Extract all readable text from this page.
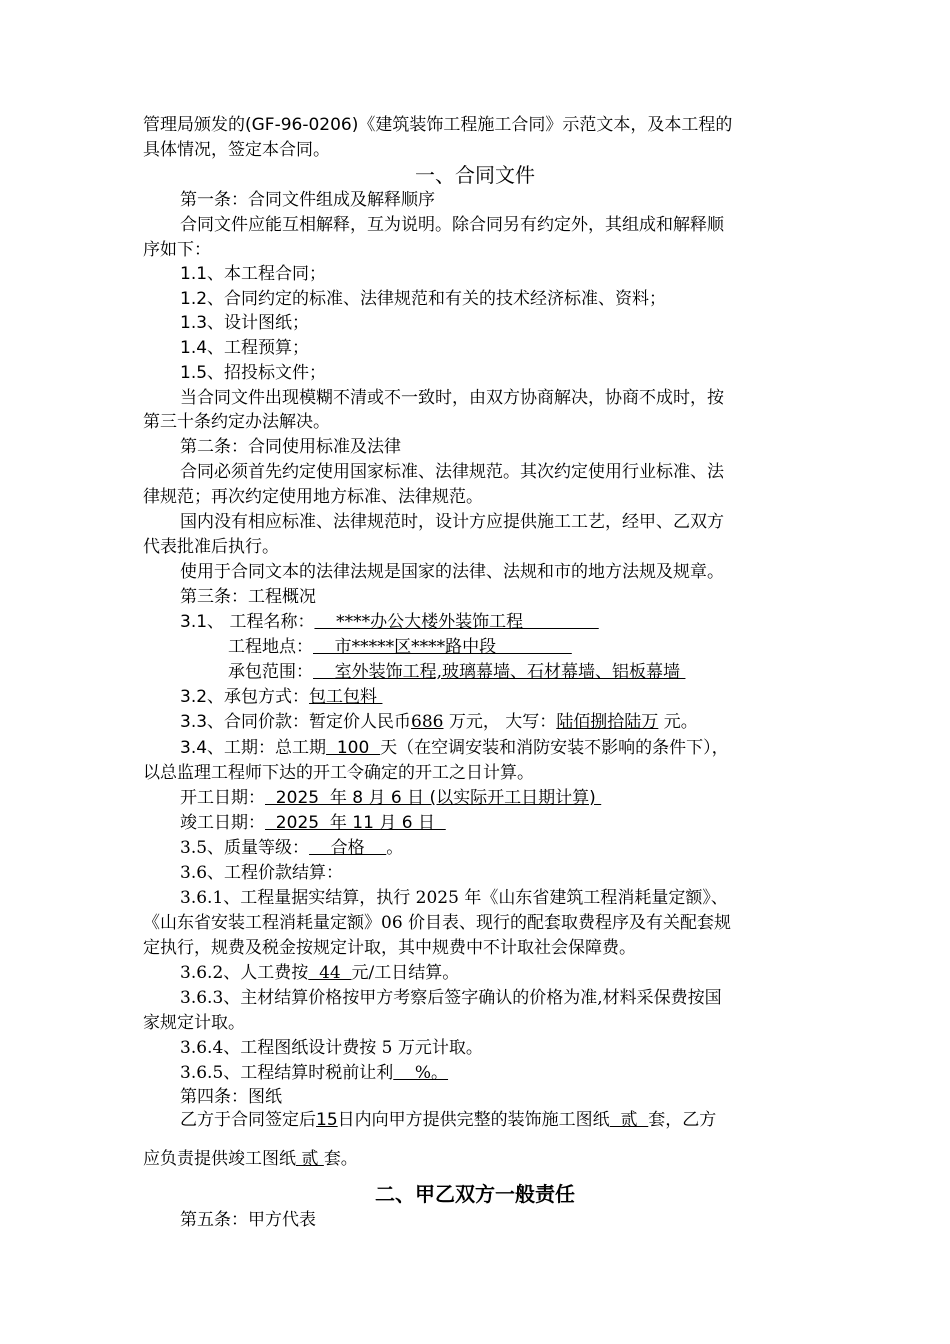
管理局颁发的(GF-96-0206)《建筑装饰工程施工合同》示范文本，及本工程的
具体情况，签定本合同。
一、合同文件
第一条：合同文件组成及解释顺序
合同文件应能互相解释，互为说明。除合同另有约定外，其组成和解释顺
序如下：
1.1、本工程合同；
1.2、合同约定的标准、法律规范和有关的技术经济标准、资料；
1.3、设计图纸；
1.4、工程预算；
1.5、招投标文件；
当合同文件出现模糊不清或不一致时，由双方协商解决，协商不成时，按
第三十条约定办法解决。
第二条：合同使用标准及法律
合同必须首先约定使用国家标准、法律规范。其次约定使用行业标准、法
律规范；再次约定使用地方标准、法律规范。
国内没有相应标准、法律规范时，设计方应提供施工工艺，经甲、乙双方
代表批准后执行。
使用于合同文本的法律法规是国家的法律、法规和市的地方法规及规章。
第三条：工程概况
3.1、 工程名称：    ****办公大楼外装饰工程
工程地点：    市*****区****路中段
承包范围：    室外装饰工程,玻璃幕墙、石材幕墙、铝板幕墙
3.2、承包方式：包工包料
3.3、合同价款：暂定价人民币686 万元， 大写：陆佰捌拾陆万 元。
3.4、工期：总工期  100  天（在空调安装和消防安装不影响的条件下），
以总监理工程师下达的开工令确定的开工之日计算。
开工日期：  2025  年 8 月 6 日 (以实际开工日期计算)
竣工日期：  2025  年 11 月 6 日
3.5、质量等级：    合格    。
3.6、工程价款结算：
3.6.1、工程量据实结算，执行 2025 年《山东省建筑工程消耗量定额》、
《山东省安装工程消耗量定额》06 价目表、现行的配套取费程序及有关配套规
定执行，规费及税金按规定计取，其中规费中不计取社会保障费。
3.6.2、人工费按  44  元/工日结算。
3.6.3、主材结算价格按甲方考察后签字确认的价格为准,材料采保费按国
家规定计取。
3.6.4、工程图纸设计费按 5 万元计取。
3.6.5、工程结算时税前让利    %。
第四条：图纸
乙方于合同签定后15日内向甲方提供完整的装饰施工图纸  贰  套，乙方
应负责提供竣工图纸 贰 套。
二、甲乙双方一般责任
第五条：甲方代表
